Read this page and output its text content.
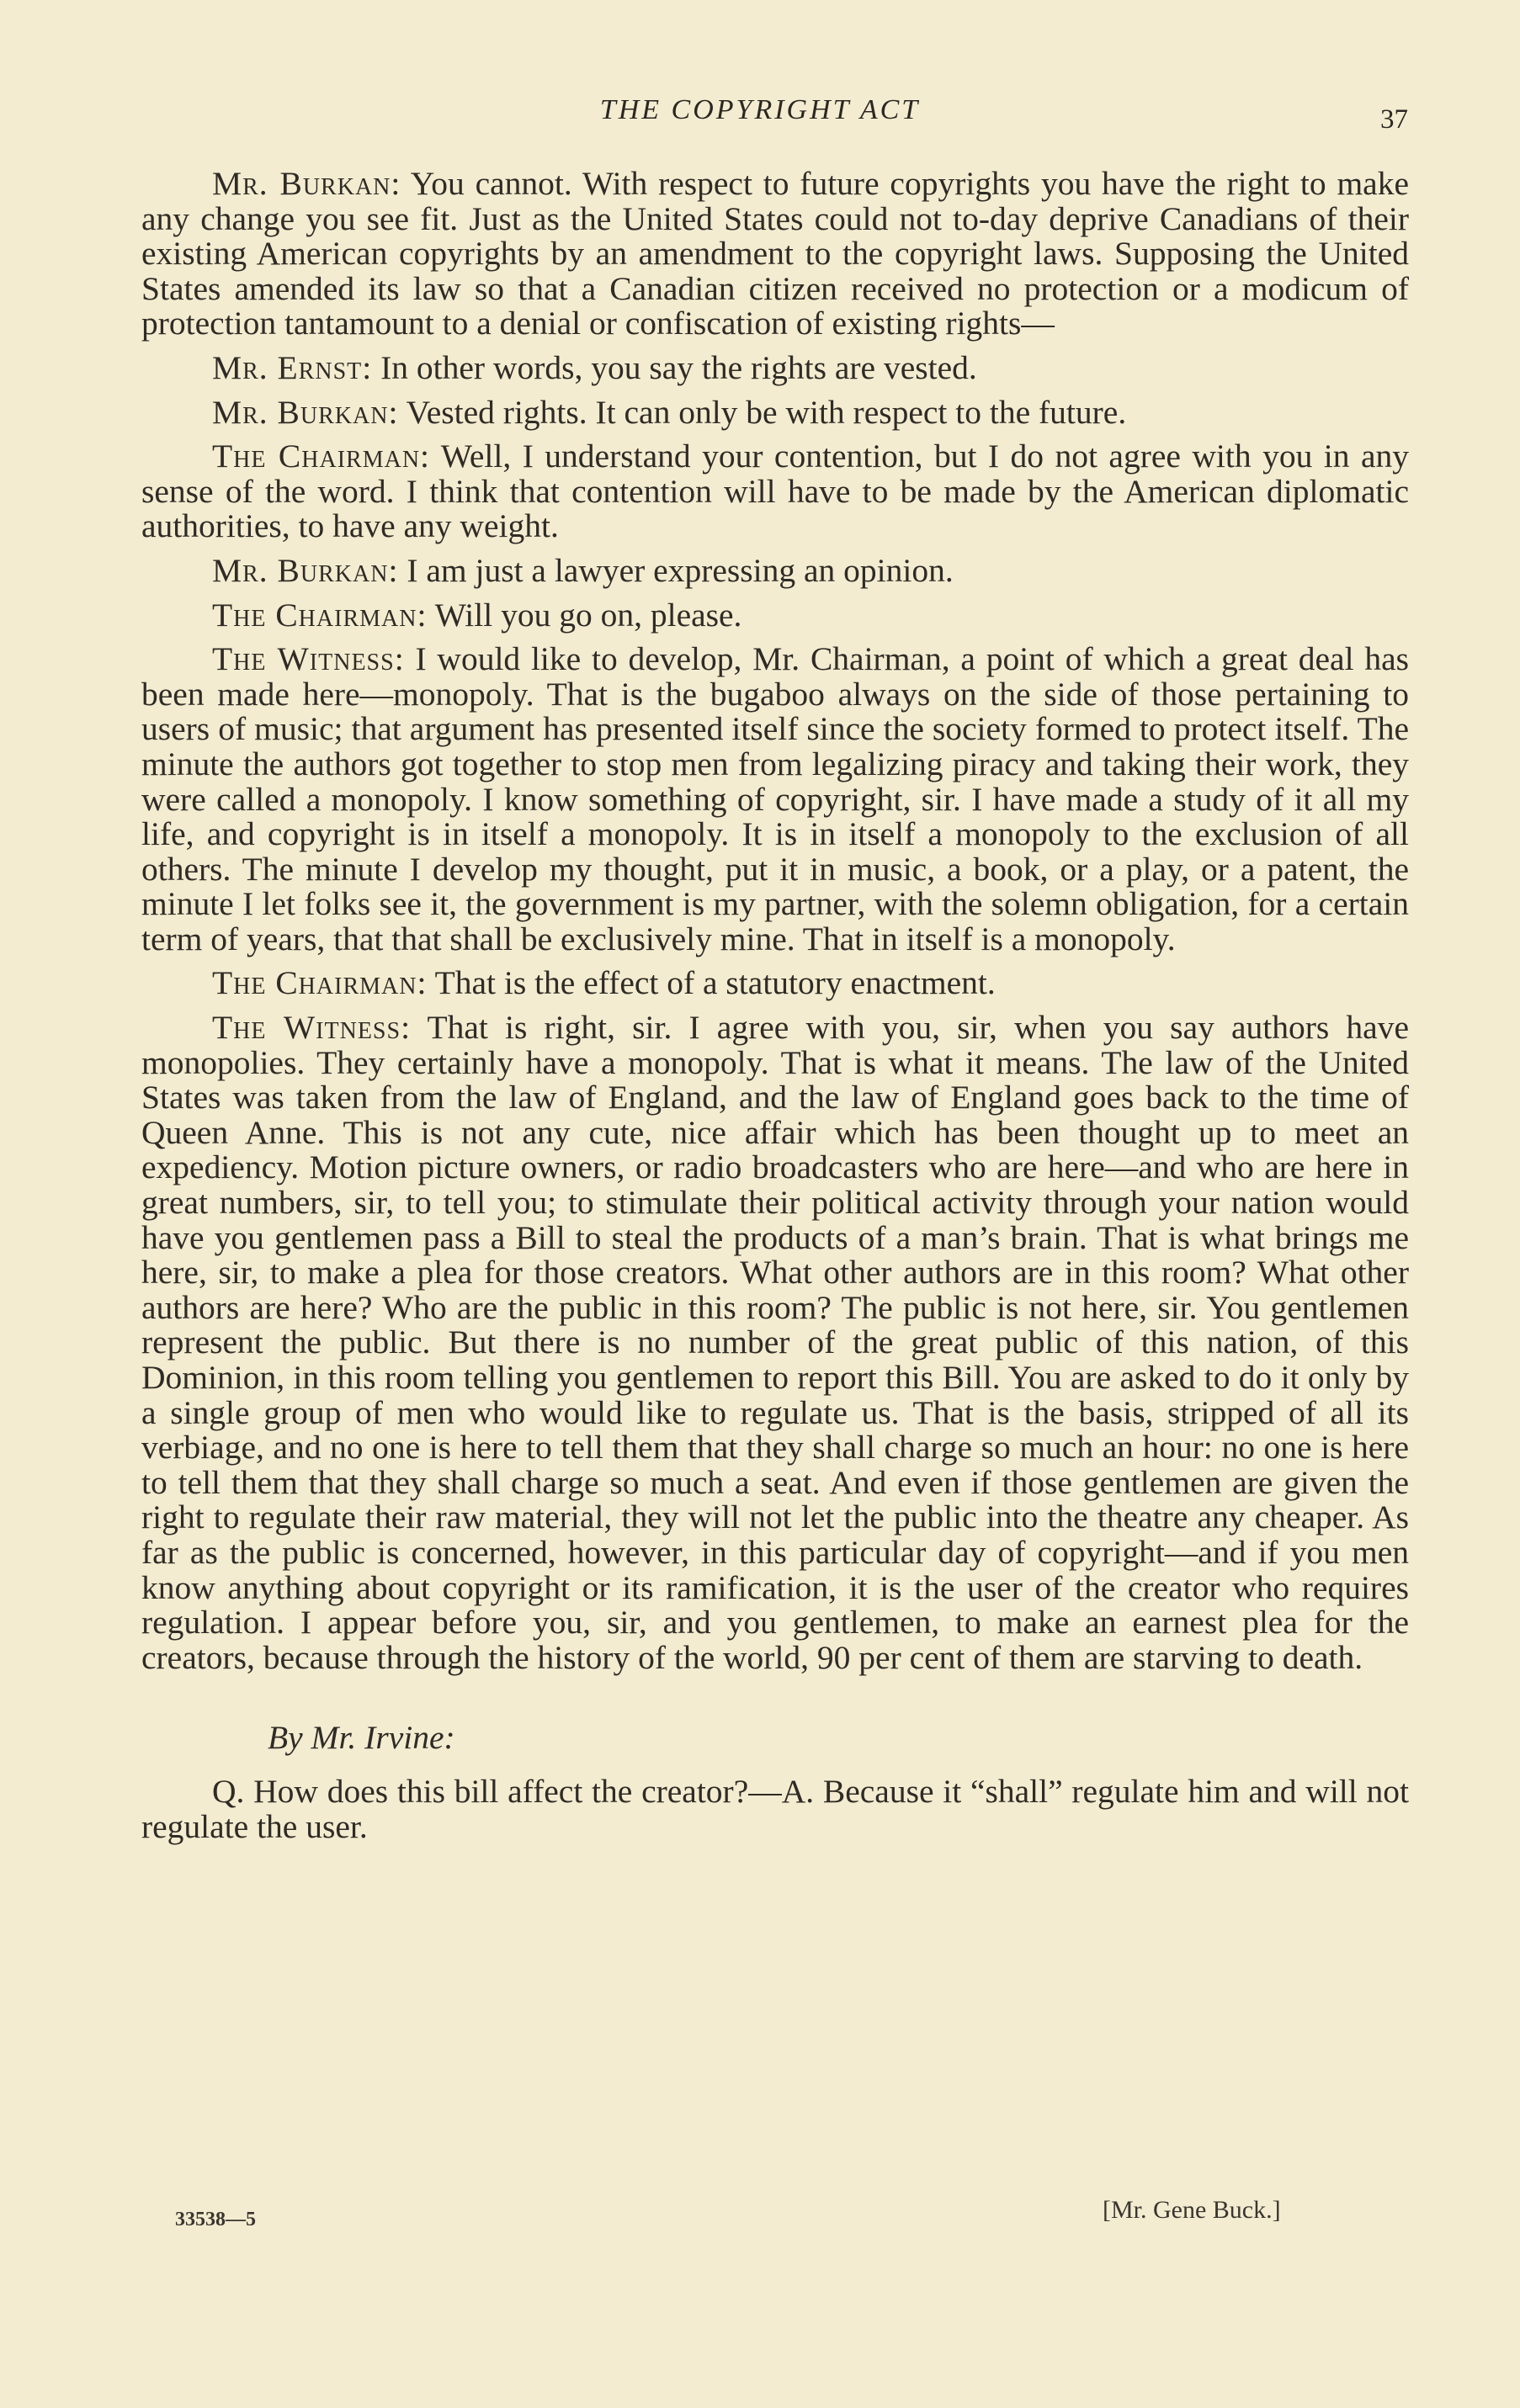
THE COPYRIGHT ACT	37

Mr. Burkan: You cannot. With respect to future copyrights you have the right to make any change you see fit. Just as the United States could not to-day deprive Canadians of their existing American copyrights by an amendment to the copyright laws. Supposing the United States amended its law so that a Canadian citizen received no protection or a modicum of protection tantamount to a denial or confiscation of existing rights—

Mr. Ernst: In other words, you say the rights are vested.

Mr. Burkan: Vested rights. It can only be with respect to the future.

The Chairman: Well, I understand your contention, but I do not agree with you in any sense of the word. I think that contention will have to be made by the American diplomatic authorities, to have any weight.

Mr. Burkan: I am just a lawyer expressing an opinion.

The Chairman: Will you go on, please.

The Witness: I would like to develop, Mr. Chairman, a point of which a great deal has been made here—monopoly. That is the bugaboo always on the side of those pertaining to users of music; that argument has presented itself since the society formed to protect itself. The minute the authors got together to stop men from legalizing piracy and taking their work, they were called a monopoly. I know something of copyright, sir. I have made a study of it all my life, and copyright is in itself a monopoly. It is in itself a monopoly to the exclusion of all others. The minute I develop my thought, put it in music, a book, or a play, or a patent, the minute I let folks see it, the government is my partner, with the solemn obligation, for a certain term of years, that that shall be exclusively mine. That in itself is a monopoly.

The Chairman: That is the effect of a statutory enactment.

The Witness: That is right, sir. I agree with you, sir, when you say authors have monopolies. They certainly have a monopoly. That is what it means. The law of the United States was taken from the law of England, and the law of England goes back to the time of Queen Anne. This is not any cute, nice affair which has been thought up to meet an expediency. Motion picture owners, or radio broadcasters who are here—and who are here in great numbers, sir, to tell you; to stimulate their political activity through your nation would have you gentlemen pass a Bill to steal the products of a man’s brain. That is what brings me here, sir, to make a plea for those creators. What other authors are in this room? What other authors are here? Who are the public in this room? The public is not here, sir. You gentlemen represent the public. But there is no number of the great public of this nation, of this Dominion, in this room telling you gentlemen to report this Bill. You are asked to do it only by a single group of men who would like to regulate us. That is the basis, stripped of all its verbiage, and no one is here to tell them that they shall charge so much an hour: no one is here to tell them that they shall charge so much a seat. And even if those gentlemen are given the right to regulate their raw material, they will not let the public into the theatre any cheaper. As far as the public is concerned, however, in this particular day of copyright—and if you men know anything about copyright or its ramification, it is the user of the creator who requires regulation. I appear before you, sir, and you gentlemen, to make an earnest plea for the creators, because through the history of the world, 90 per cent of them are starving to death.

By Mr. Irvine:

Q. How does this bill affect the creator?—A. Because it “shall” regulate him and will not regulate the user.

33538—5	[Mr. Gene Buck.]
